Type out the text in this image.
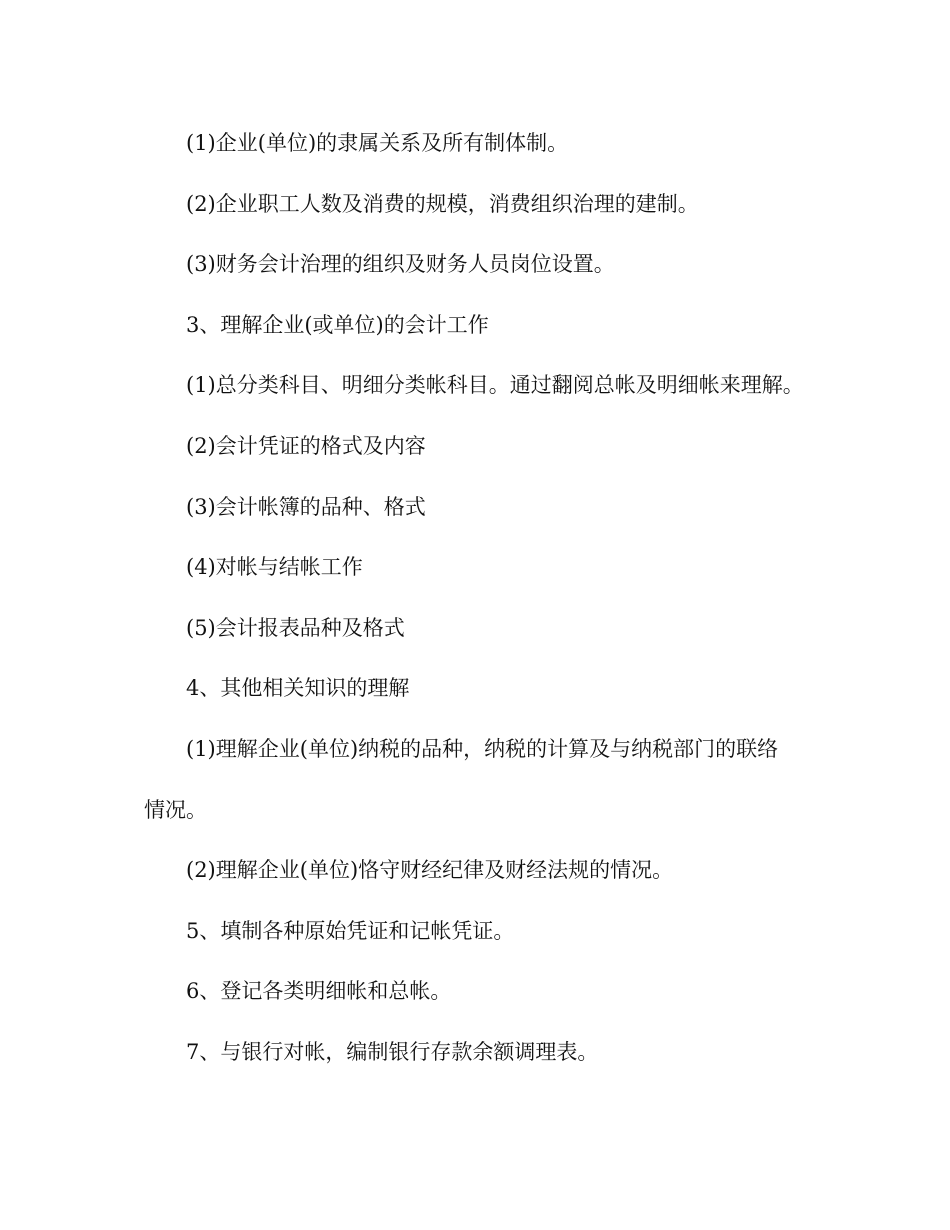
(1)企业(单位)的隶属关系及所有制体制。

(2)企业职工人数及消费的规模，消费组织治理的建制。

(3)财务会计治理的组织及财务人员岗位设置。

3、理解企业(或单位)的会计工作

(1)总分类科目、明细分类帐科目。通过翻阅总帐及明细帐来理解。

(2)会计凭证的格式及内容

(3)会计帐簿的品种、格式

(4)对帐与结帐工作

(5)会计报表品种及格式

4、其他相关知识的理解

(1)理解企业(单位)纳税的品种，纳税的计算及与纳税部门的联络

情况。

(2)理解企业(单位)恪守财经纪律及财经法规的情况。

5、填制各种原始凭证和记帐凭证。

6、登记各类明细帐和总帐。

7、与银行对帐，编制银行存款余额调理表。
